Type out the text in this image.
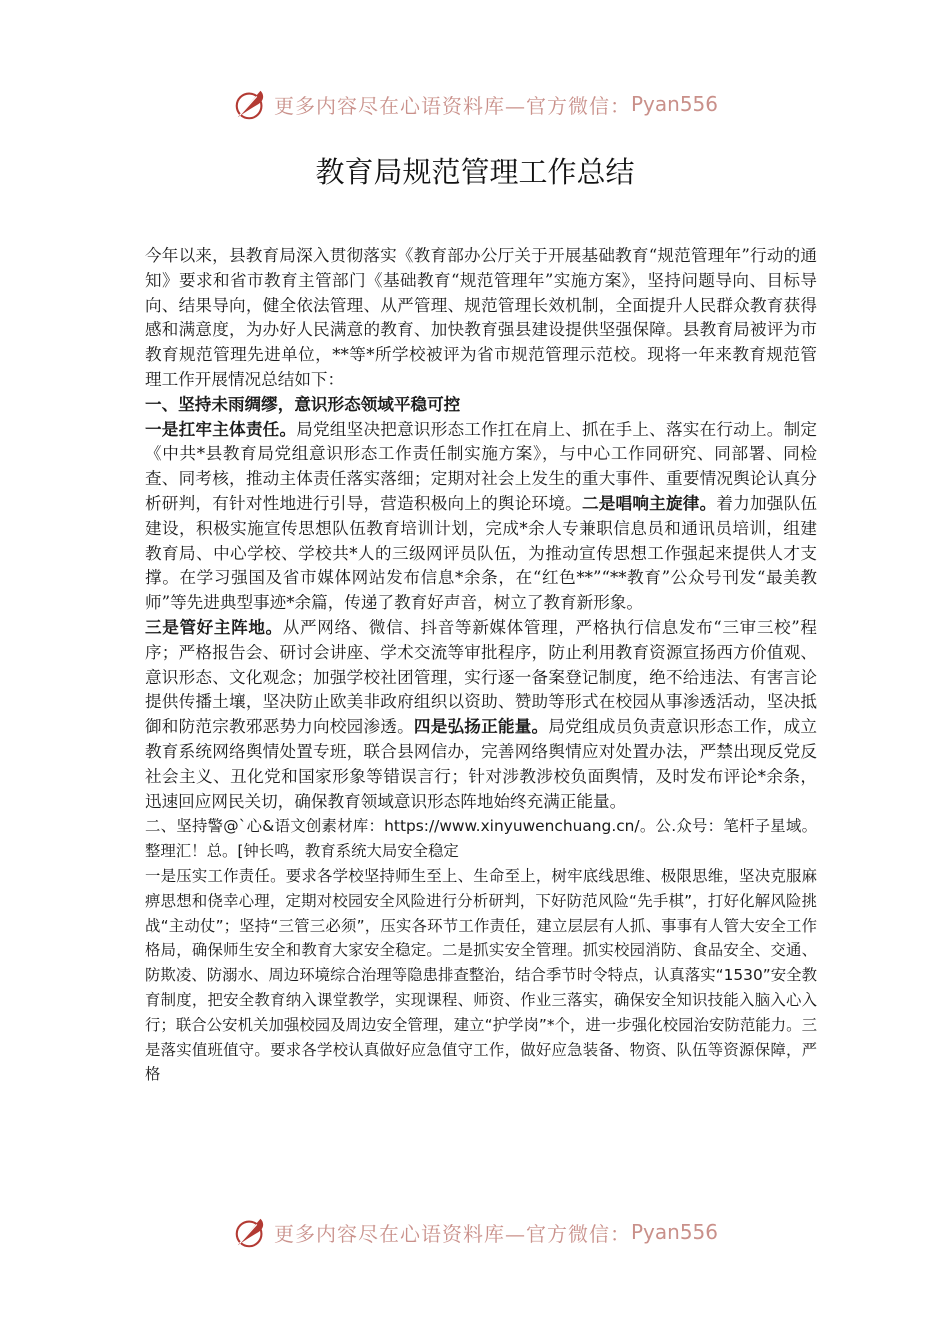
更多内容尽在心语资料库—官方微信： Pyan556
教育局规范管理工作总结

今年以来，县教育局深入贯彻落实《教育部办公厅关于开展基础教育“规范管理年”行动的通知》要求和省市教育主管部门《基础教育“规范管理年”实施方案》，坚持问题导向、目标导向、结果导向，健全依法管理、从严管理、规范管理长效机制，全面提升人民群众教育获得感和满意度，为办好人民满意的教育、加快教育强县建设提供坚强保障。县教育局被评为市教育规范管理先进单位，**等*所学校被评为省市规范管理示范校。现将一年来教育规范管理工作开展情况总结如下：

一、坚持未雨绸缪，意识形态领域平稳可控

一是扛牢主体责任。局党组坚决把意识形态工作扛在肩上、抓在手上、落实在行动上。制定《中共*县教育局党组意识形态工作责任制实施方案》，与中心工作同研究、同部署、同检查、同考核，推动主体责任落实落细；定期对社会上发生的重大事件、重要情况舆论认真分析研判，有针对性地进行引导，营造积极向上的舆论环境。二是唱响主旋律。着力加强队伍建设，积极实施宣传思想队伍教育培训计划，完成*余人专兼职信息员和通讯员培训，组建教育局、中心学校、学校共*人的三级网评员队伍，为推动宣传思想工作强起来提供人才支撑。在学习强国及省市媒体网站发布信息*余条，在“红色**”“**教育”公众号刊发“最美教师”等先进典型事迹*余篇，传递了教育好声音，树立了教育新形象。

三是管好主阵地。从严网络、微信、抖音等新媒体管理，严格执行信息发布“三审三校”程序；严格报告会、研讨会讲座、学术交流等审批程序，防止利用教育资源宣扬西方价值观、意识形态、文化观念；加强学校社团管理，实行逐一备案登记制度，绝不给违法、有害言论提供传播土壤，坚决防止欧美非政府组织以资助、赞助等形式在校园从事渗透活动，坚决抵御和防范宗教邪恶势力向校园渗透。四是弘扬正能量。局党组成员负责意识形态工作，成立教育系统网络舆情处置专班，联合县网信办，完善网络舆情应对处置办法，严禁出现反党反社会主义、丑化党和国家形象等错误言行；针对涉教涉校负面舆情，及时发布评论*余条，迅速回应网民关切，确保教育领域意识形态阵地始终充满正能量。

二、坚持警@`心&语文创素材库：https://www.xinyuwenchuang.cn/。公.众号：笔杆子星域。整理汇！总。[钟长鸣，教育系统大局安全稳定

一是压实工作责任。要求各学校坚持师生至上、生命至上，树牢底线思维、极限思维，坚决克服麻痹思想和侥幸心理，定期对校园安全风险进行分析研判，下好防范风险“先手棋”，打好化解风险挑战“主动仗”；坚持“三管三必须”，压实各环节工作责任，建立层层有人抓、事事有人管大安全工作格局，确保师生安全和教育大家安全稳定。二是抓实安全管理。抓实校园消防、食品安全、交通、防欺凌、防溺水、周边环境综合治理等隐患排查整治，结合季节时令特点，认真落实“1530”安全教育制度，把安全教育纳入课堂教学，实现课程、师资、作业三落实，确保安全知识技能入脑入心入行；联合公安机关加强校园及周边安全管理，建立“护学岗”*个，进一步强化校园治安防范能力。三是落实值班值守。要求各学校认真做好应急值守工作，做好应急装备、物资、队伍等资源保障，严格

更多内容尽在心语资料库—官方微信： Pyan556
